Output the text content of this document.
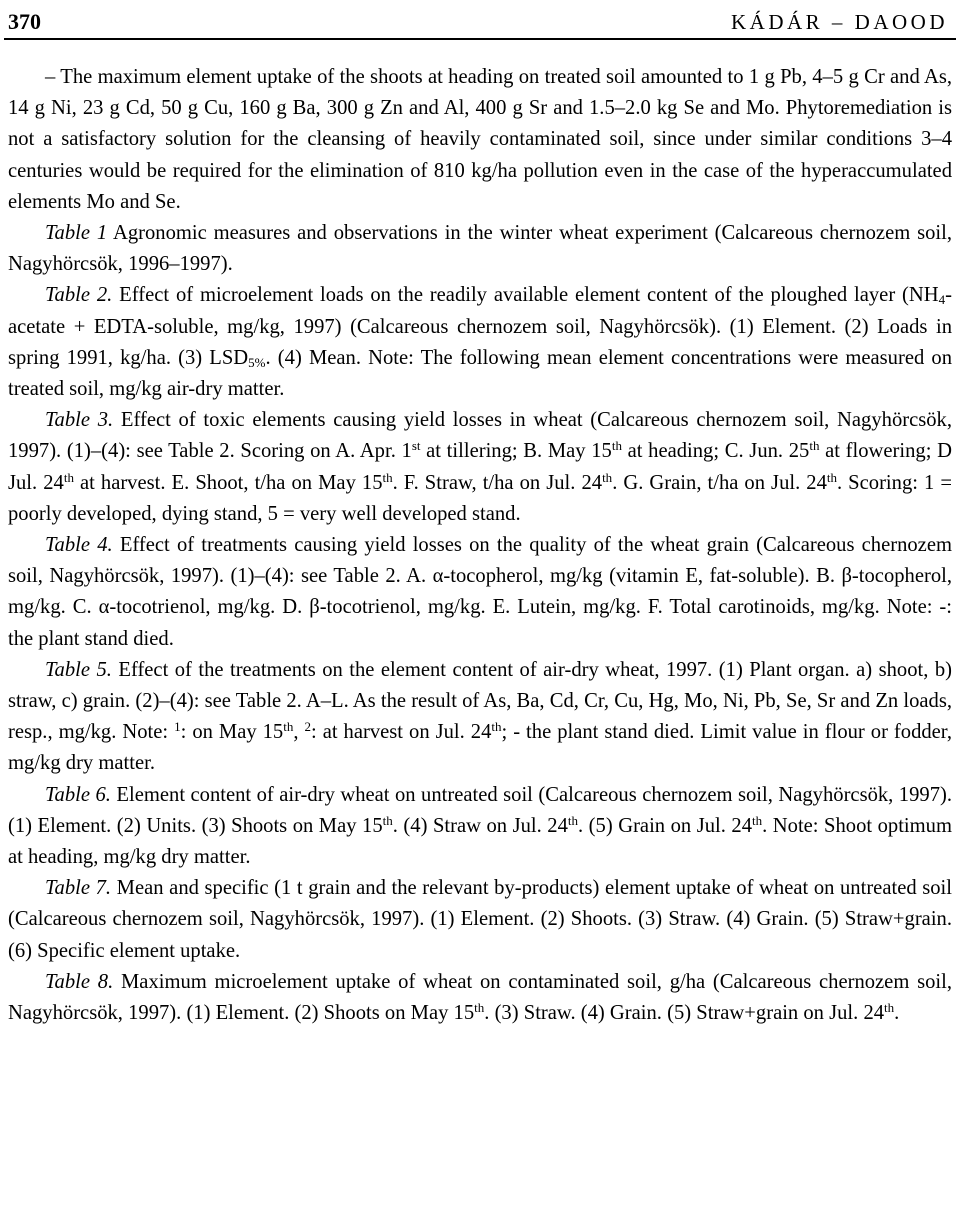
370	KÁDÁR – DAOOD

– The maximum element uptake of the shoots at heading on treated soil amounted to 1 g Pb, 4–5 g Cr and As, 14 g Ni, 23 g Cd, 50 g Cu, 160 g Ba, 300 g Zn and Al, 400 g Sr and 1.5–2.0 kg Se and Mo. Phytoremediation is not a satisfactory solution for the cleansing of heavily contaminated soil, since under similar conditions 3–4 centuries would be required for the elimination of 810 kg/ha pollution even in the case of the hyperaccumulated elements Mo and Se.

Table 1 Agronomic measures and observations in the winter wheat experiment (Calcareous chernozem soil, Nagyhörcsök, 1996–1997).

Table 2. Effect of microelement loads on the readily available element content of the ploughed layer ($NH_4$-acetate + EDTA-soluble, mg/kg, 1997) (Calcareous chernozem soil, Nagyhörcsök). (1) Element. (2) Loads in spring 1991, kg/ha. (3) $LSD_{5\%}$. (4) Mean. Note: The following mean element concentrations were measured on treated soil, mg/kg air-dry matter.

Table 3. Effect of toxic elements causing yield losses in wheat (Calcareous chernozem soil, Nagyhörcsök, 1997). (1)–(4): see Table 2. Scoring on A. Apr. 1st at tillering; B. May 15th at heading; C. Jun. 25th at flowering; D Jul. 24th at harvest. E. Shoot, t/ha on May 15th. F. Straw, t/ha on Jul. 24th. G. Grain, t/ha on Jul. 24th. Scoring: 1 = poorly developed, dying stand, 5 = very well developed stand.

Table 4. Effect of treatments causing yield losses on the quality of the wheat grain (Calcareous chernozem soil, Nagyhörcsök, 1997). (1)–(4): see Table 2. A. α-tocopherol, mg/kg (vitamin E, fat-soluble). B. β-tocopherol, mg/kg. C. α-tocotrienol, mg/kg. D. β-tocotrienol, mg/kg. E. Lutein, mg/kg. F. Total carotinoids, mg/kg. Note: -: the plant stand died.

Table 5. Effect of the treatments on the element content of air-dry wheat, 1997. (1) Plant organ. a) shoot, b) straw, c) grain. (2)–(4): see Table 2. A–L. As the result of As, Ba, Cd, Cr, Cu, Hg, Mo, Ni, Pb, Se, Sr and Zn loads, resp., mg/kg. Note: $^1$: on May 15th, $^2$: at harvest on Jul. 24th; - the plant stand died. Limit value in flour or fodder, mg/kg dry matter.

Table 6. Element content of air-dry wheat on untreated soil (Calcareous chernozem soil, Nagyhörcsök, 1997). (1) Element. (2) Units. (3) Shoots on May 15th. (4) Straw on Jul. 24th. (5) Grain on Jul. 24th. Note: Shoot optimum at heading, mg/kg dry matter.

Table 7. Mean and specific (1 t grain and the relevant by-products) element uptake of wheat on untreated soil (Calcareous chernozem soil, Nagyhörcsök, 1997). (1) Element. (2) Shoots. (3) Straw. (4) Grain. (5) Straw+grain. (6) Specific element uptake.

Table 8. Maximum microelement uptake of wheat on contaminated soil, g/ha (Calcareous chernozem soil, Nagyhörcsök, 1997). (1) Element. (2) Shoots on May 15th. (3) Straw. (4) Grain. (5) Straw+grain on Jul. 24th.
